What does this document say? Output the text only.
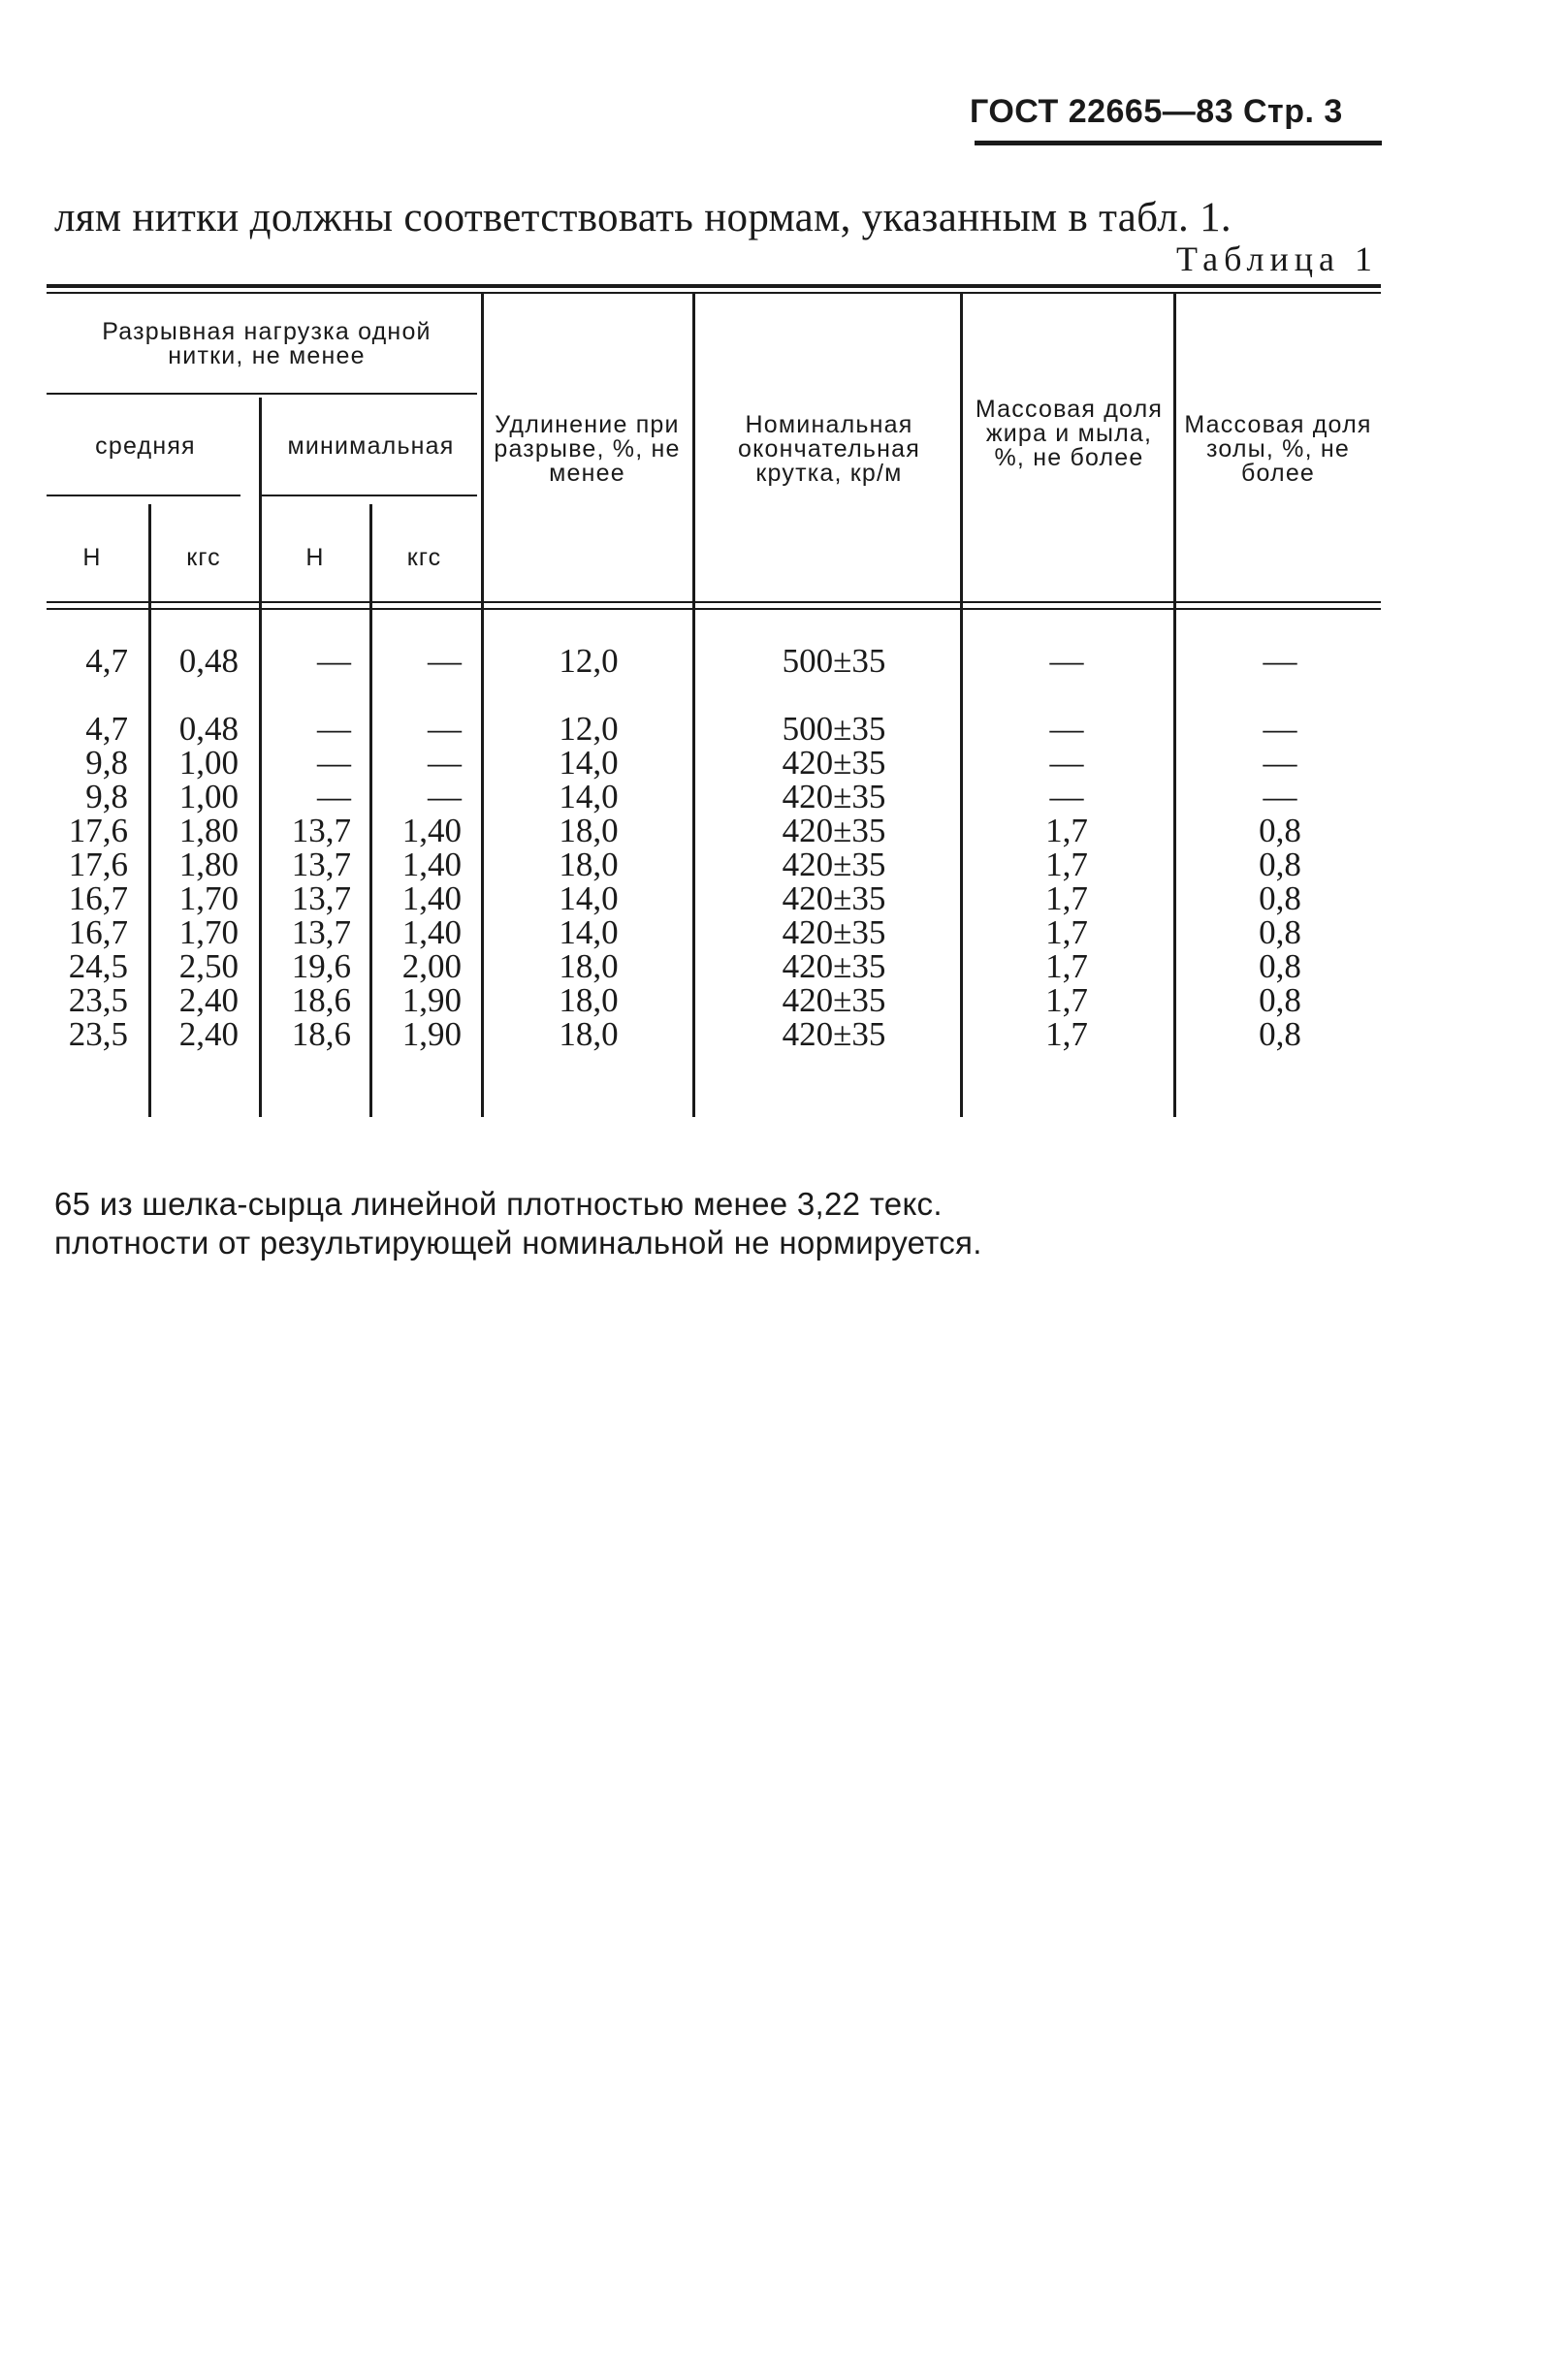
ГОСТ 22665—83 Стр. 3
лям нитки должны соответствовать нормам, указанным в табл. 1.
Таблица 1
Разрывная нагрузка одной нитки, не менее
средняя	минимальная
Н	кгс	Н	кгс
Удлинение при разрыве, %, не менее
Номинальная окончательная крутка, кр/м
Массовая доля жира и мыла, %, не более
Массовая доля золы, %, не более
4,7	0,48	—	—	12,0	500±35	—	—
4,7	0,48	—	—	12,0	500±35	—	—
9,8	1,00	—	—	14,0	420±35	—	—
9,8	1,00	—	—	14,0	420±35	—	—
17,6	1,80	13,7	1,40	18,0	420±35	1,7	0,8
17,6	1,80	13,7	1,40	18,0	420±35	1,7	0,8
16,7	1,70	13,7	1,40	14,0	420±35	1,7	0,8
16,7	1,70	13,7	1,40	14,0	420±35	1,7	0,8
24,5	2,50	19,6	2,00	18,0	420±35	1,7	0,8
23,5	2,40	18,6	1,90	18,0	420±35	1,7	0,8
23,5	2,40	18,6	1,90	18,0	420±35	1,7	0,8
65 из шелка-сырца линейной плотностью менее 3,22 текс.
плотности от результирующей номинальной не нормируется.
